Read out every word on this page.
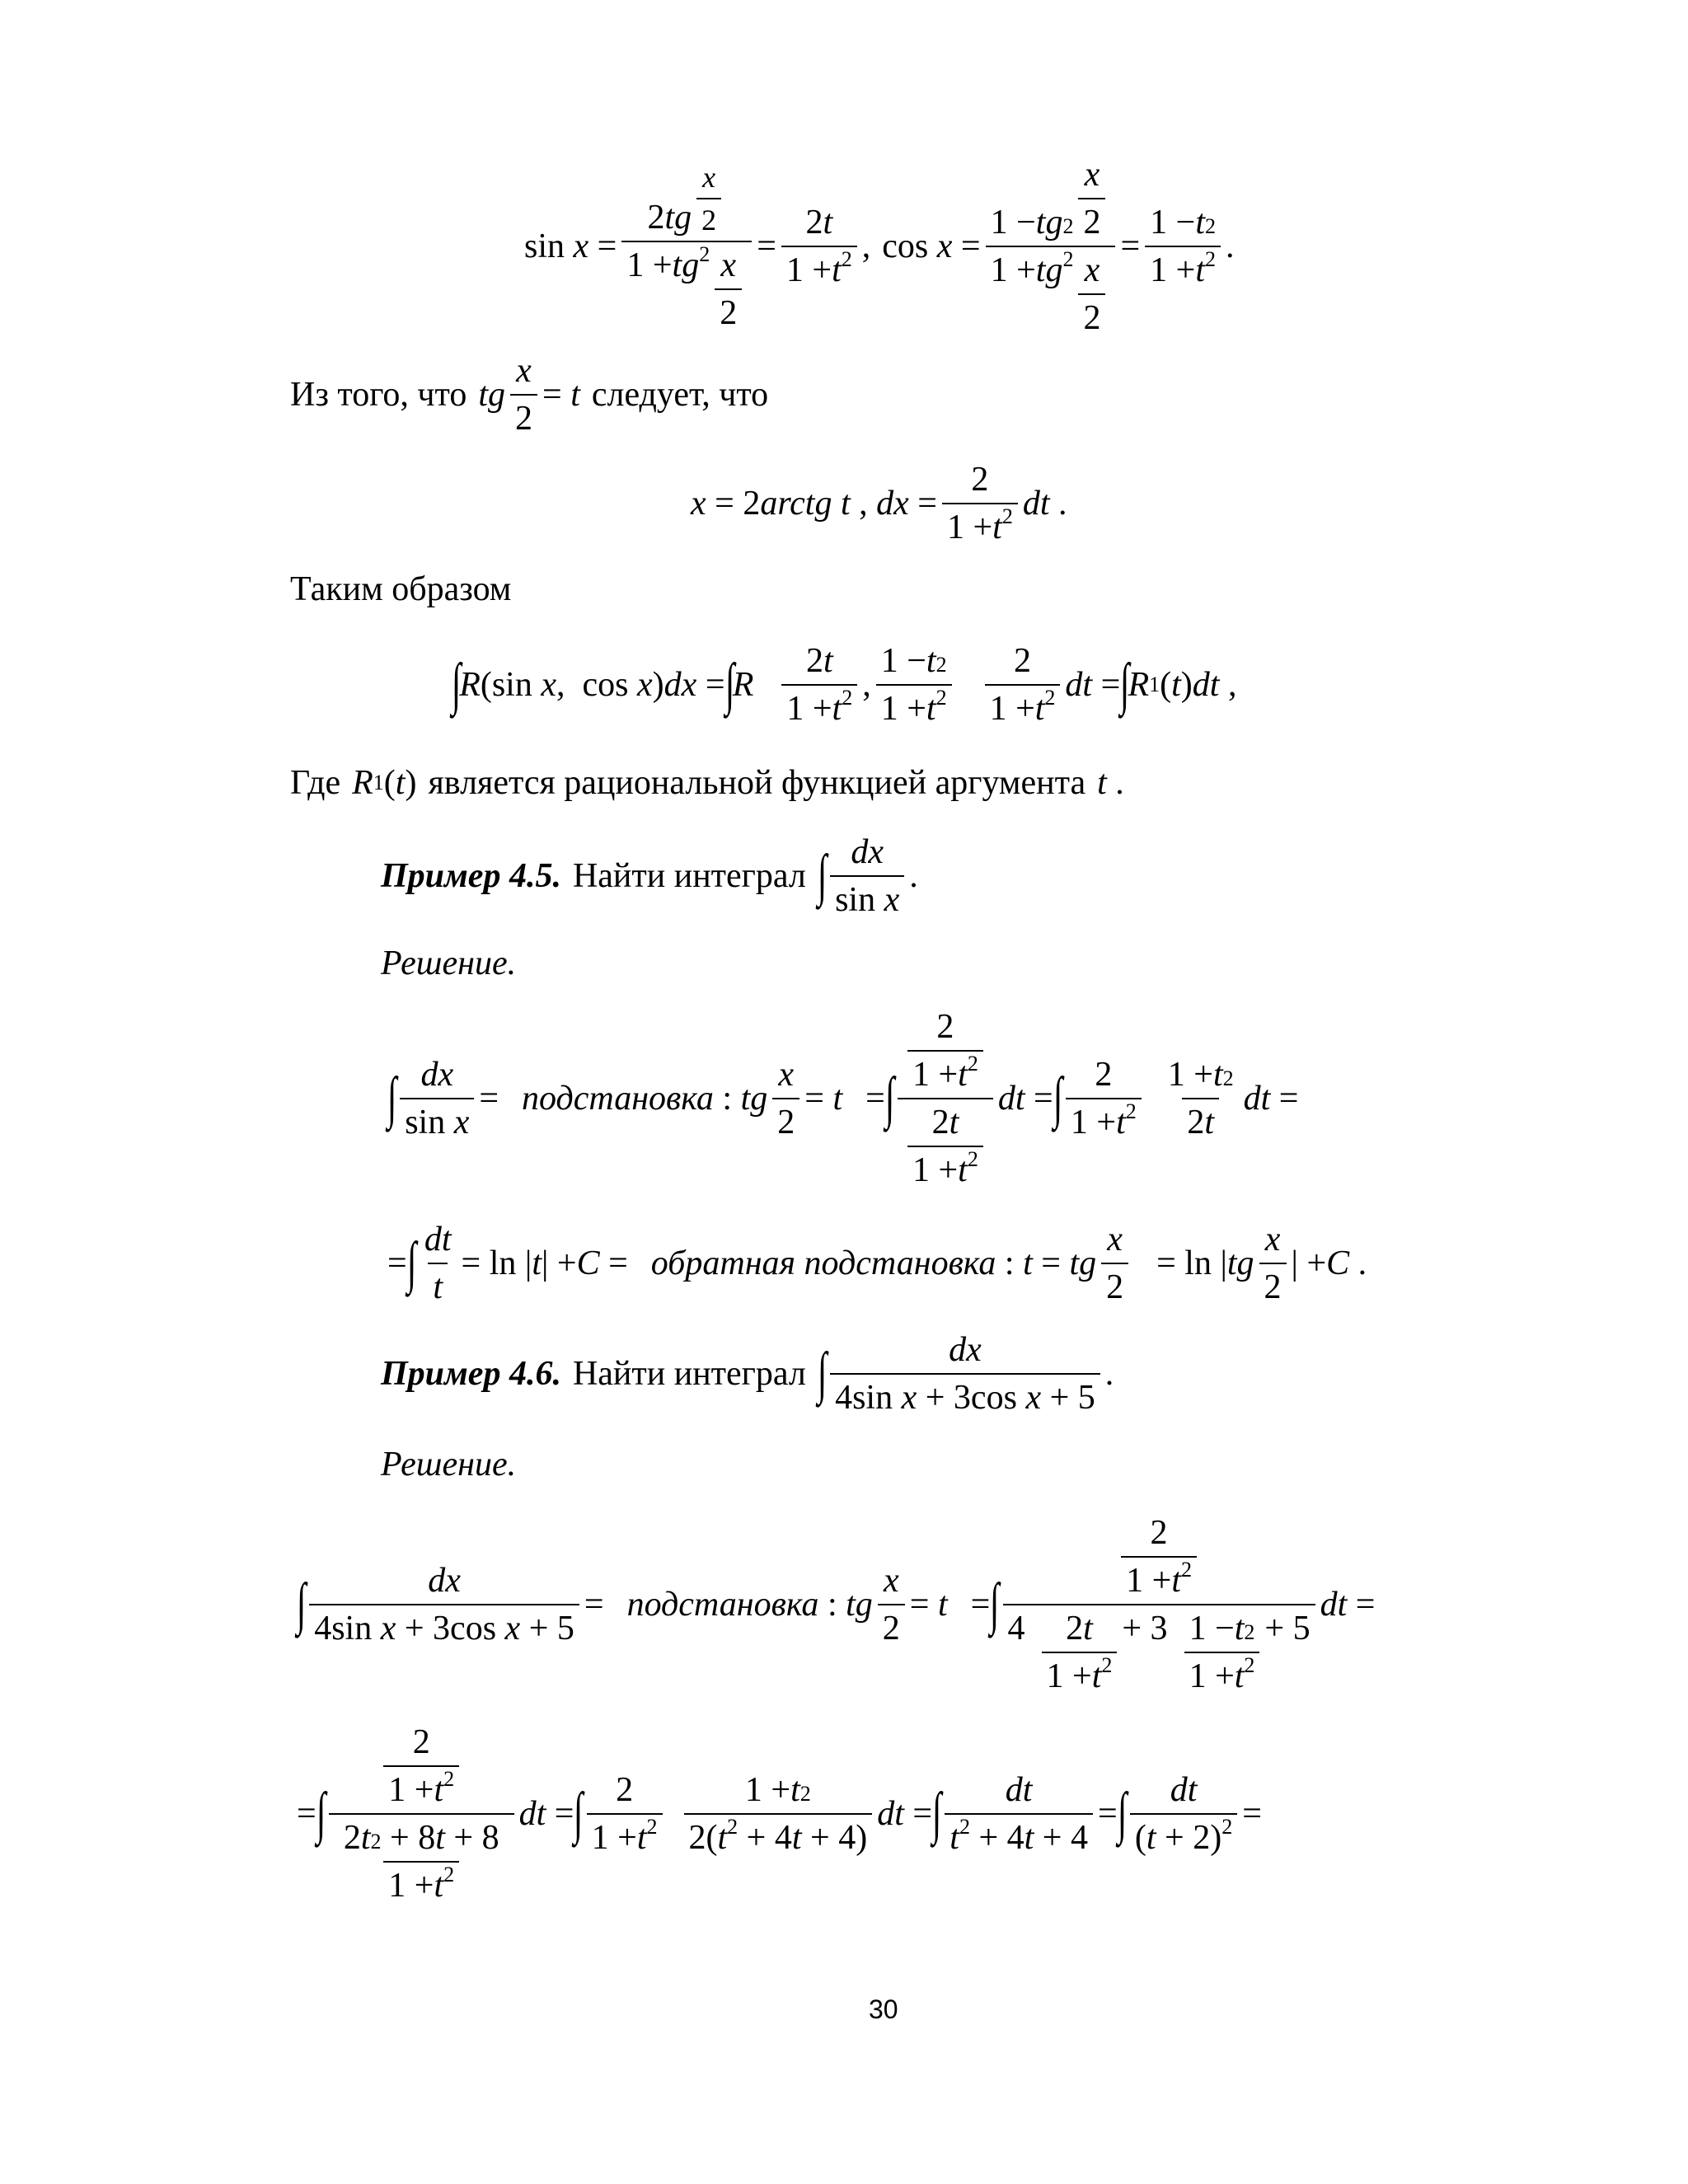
sin x =
2 tg
x
2
$1 + tg^2$ x
2
=
2 t
$1 + t^2$ , cos x =
$1 - tg^2$
x
2
$1 + tg^2$ x
2
=
$1 - t^2$
$1 + t^2$ .
Из того, что tg
x
2
= t следует, что
x = 2 arctg t , dx =
2
$1 + t^2$ dt .
Таким образом
∫
R (sin x ,  cos x ) dx = ∫
R
2 t
$1 + t^2$ ,
$1 - t^2$
$1 + t^2$
2
$1 + t^2$ dt = ∫
R 1 ( t ) dt ,
Где R 1 ( t ) является рациональной функцией аргумента t .
Пример 4.5. Найти интеграл ∫ dx
sin x
.
Решение.
∫ dx
sin x
= подстановка : tg
x
2
= t = ∫
2
$1 + t^2$
2 t
$1 + t^2$
dt = ∫ 2
$1 + t^2$
$1 + t^2$
2 t
dt =
= ∫ dt
t
= ln | t | + C = обратная подстановка : t = tg
x
2
= ln | tg
x
2
| + C .
Пример 4.6. Найти интеграл ∫	dx
4sin x + 3cos x + 5
.
Решение.
∫	dx
4sin x + 3cos x + 5
= подстановка : tg
x
2
= t = ∫
2
$1 + t^2$
4 2 t
$1 + t^2$
+ 3 $1 - t^2$
$1 + t^2$
+ 5
dt =
= ∫
2
$1 + t^2$
2 $t^2 + 8$ t + 8
$1 + t^2$
dt = ∫ 2
$1 + t^2$
$1 + t^2$
2( $t^2 + 4$ t + 4)
dt = ∫ dt
$t^2 + 4$ t + 4
= ∫ dt
( t + 2)$^2$ =
30
